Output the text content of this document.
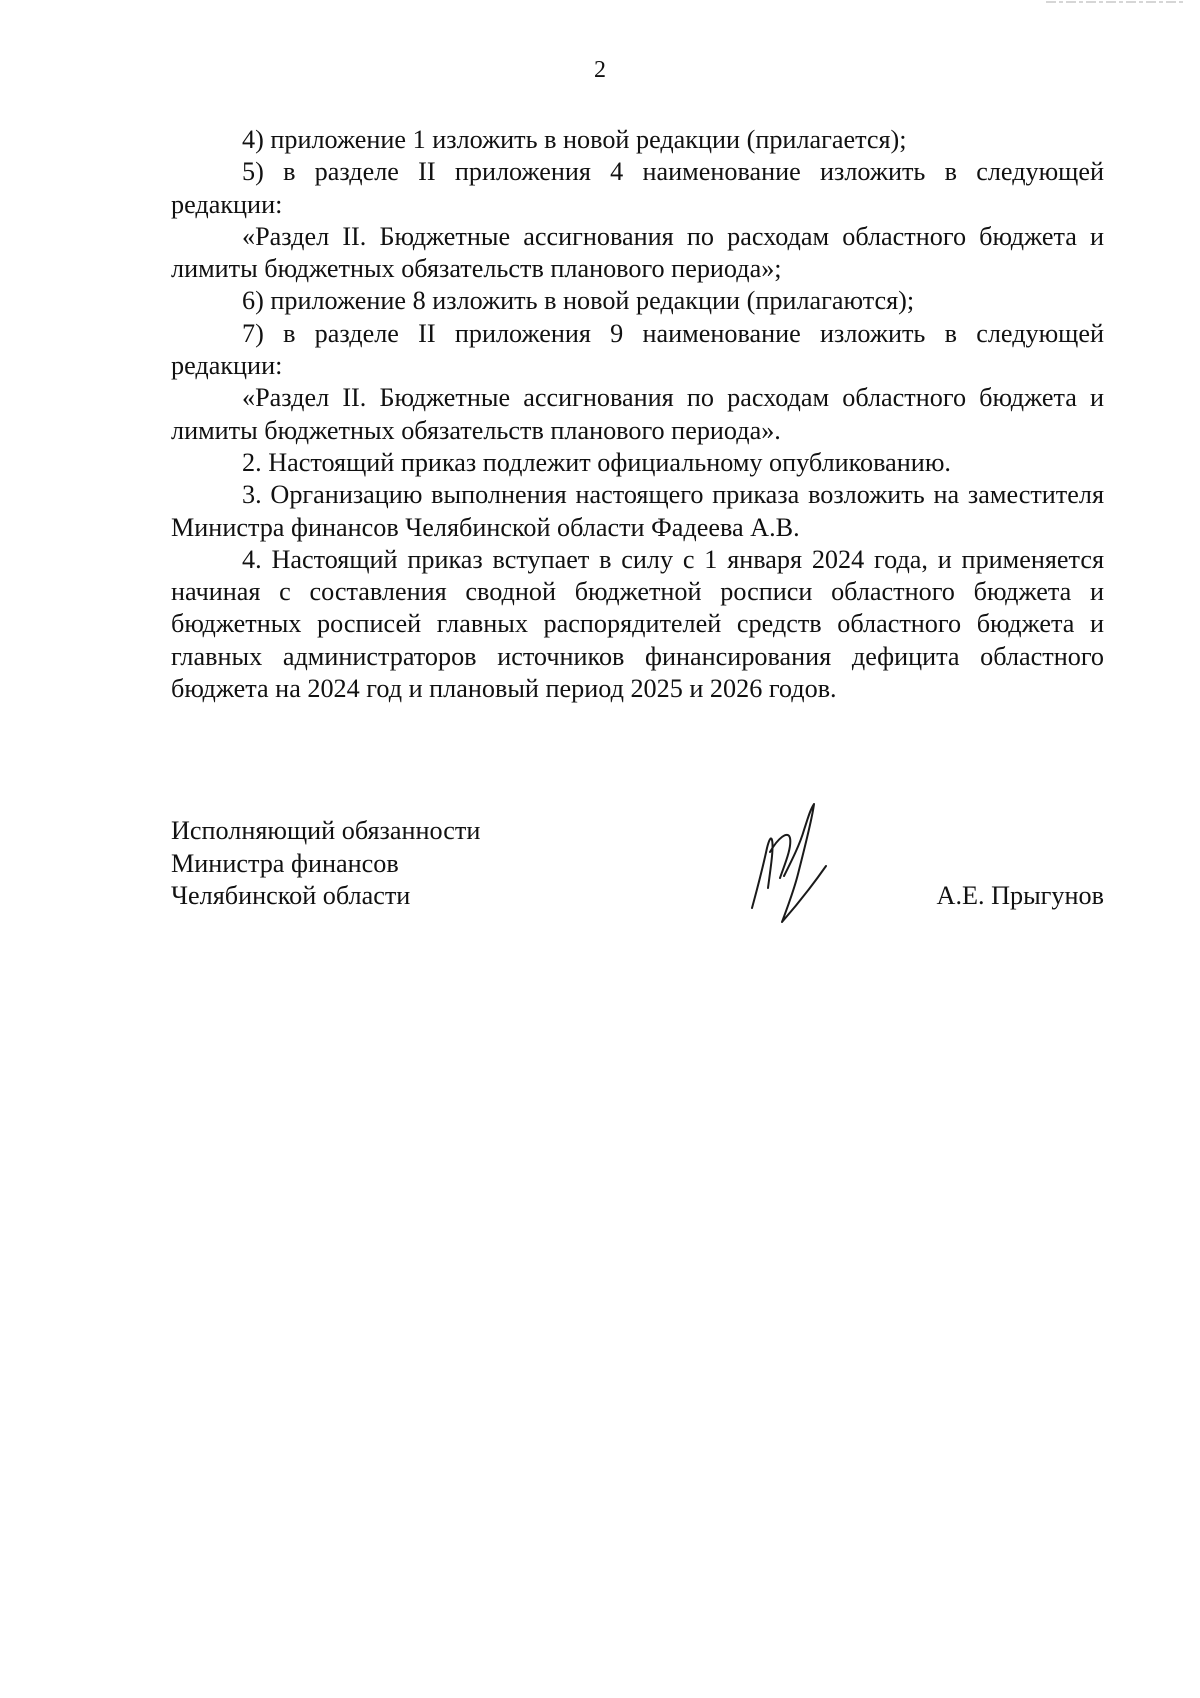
2

4) приложение 1 изложить в новой редакции (прилагается);

5) в разделе II приложения 4 наименование изложить в следующей редакции:

«Раздел II. Бюджетные ассигнования по расходам областного бюджета и лимиты бюджетных обязательств планового периода»;

6) приложение 8 изложить в новой редакции (прилагаются);

7) в разделе II приложения 9 наименование изложить в следующей редакции:

«Раздел II. Бюджетные ассигнования по расходам областного бюджета и лимиты бюджетных обязательств планового периода».

2. Настоящий приказ подлежит официальному опубликованию.

3. Организацию выполнения настоящего приказа возложить на заместителя Министра финансов Челябинской области Фадеева А.В.

4. Настоящий приказ вступает в силу с 1 января 2024 года, и применяется начиная с составления сводной бюджетной росписи областного бюджета и бюджетных росписей главных распорядителей средств областного бюджета и главных администраторов источников финансирования дефицита областного бюджета на 2024 год и плановый период 2025 и 2026 годов.

Исполняющий обязанности
Министра финансов
Челябинской области	А.Е. Прыгунов
